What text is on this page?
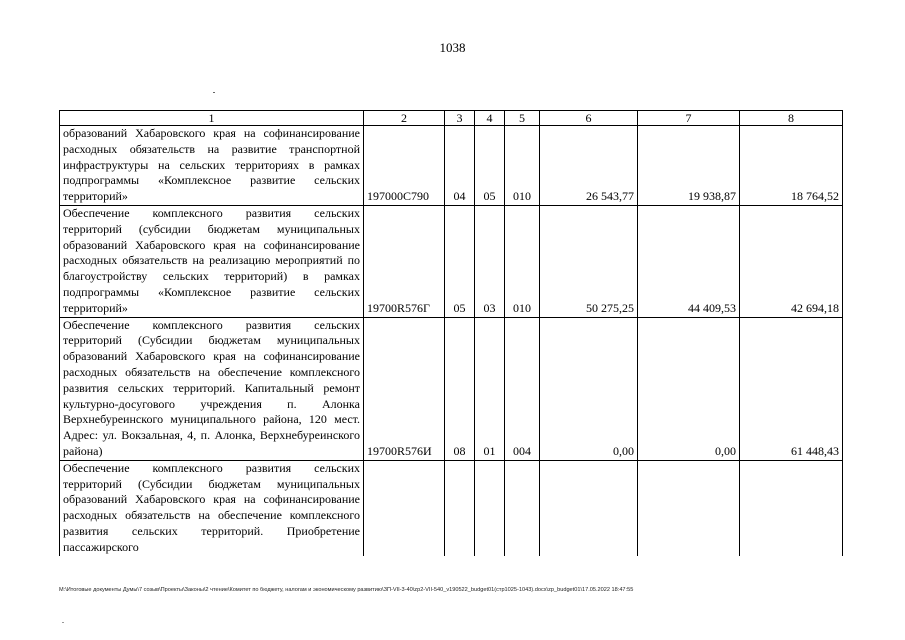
1038
1	2	3	4	5	6	7	8
образований Хабаровского края на софинансирование расходных обязательств на развитие транспортной инфраструктуры на сельских территориях в рамках подпрограммы «Комплексное развитие сельских территорий»	197000С790	04	05	010	26 543,77	19 938,87	18 764,52
Обеспечение комплексного развития сельских территорий (субсидии бюджетам муниципальных образований Хабаровского края на софинансирование расходных обязательств на реализацию мероприятий по благоустройству сельских территорий) в рамках подпрограммы «Комплексное развитие сельских территорий»	19700R576Г	05	03	010	50 275,25	44 409,53	42 694,18
Обеспечение комплексного развития сельских территорий (Субсидии бюджетам муниципальных образований Хабаровского края на софинансирование расходных обязательств на обеспечение комплексного развития сельских территорий. Капитальный ремонт культурно-досугового учреждения п. Алонка Верхнебуреинского муниципального района, 120 мест. Адрес: ул. Вокзальная, 4, п. Алонка, Верхнебуреинского района)	19700R576И	08	01	004	0,00	0,00	61 448,43
Обеспечение комплексного развития сельских территорий (Субсидии бюджетам муниципальных образований Хабаровского края на софинансирование расходных обязательств на обеспечение комплексного развития сельских территорий. Приобретение пассажирского							
М:\Итоговые документы Думы\7 созыв\Проекты\Законы\2 чтение\Комитет по бюджету, налогам и экономическому развитию\ЗП-VII-3-40\zp2-VII-540_v190522_budget01(стр1025-1043).docx\zp_budget01\17.05.2022 18:47:55
